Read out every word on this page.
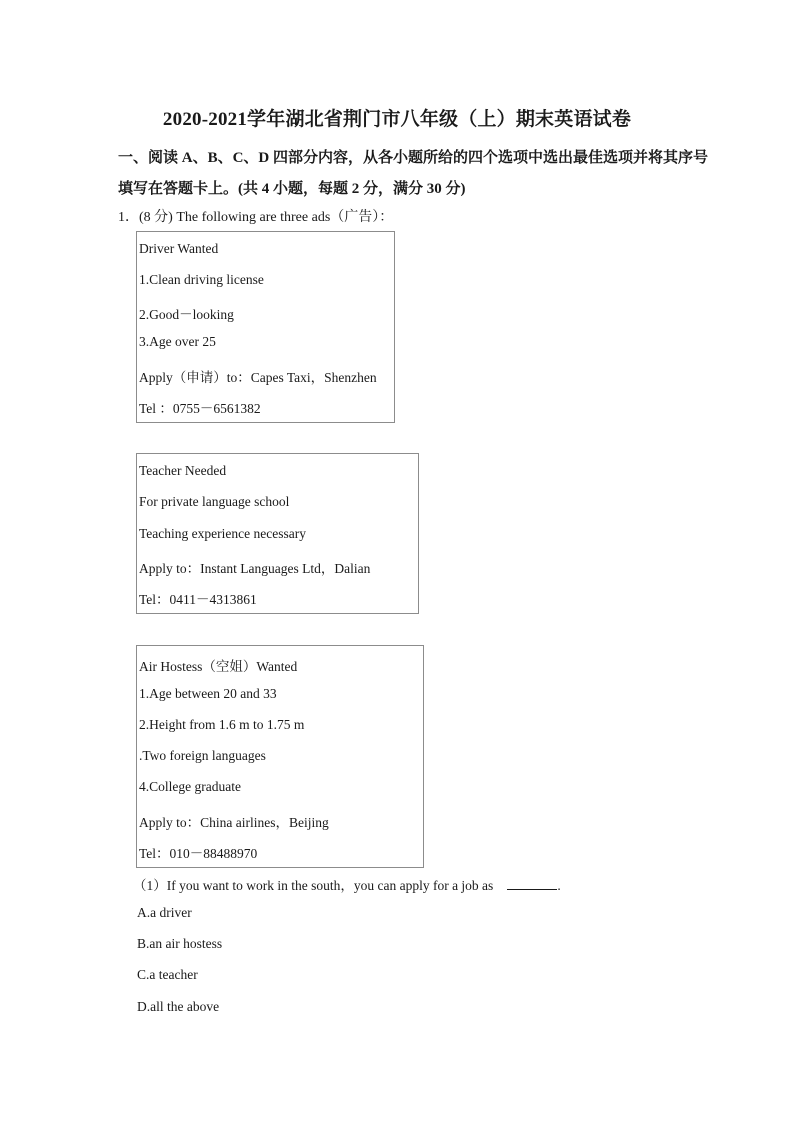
2020-2021学年湖北省荆门市八年级（上）期末英语试卷
一、阅读 A、B、C、D 四部分内容，从各小题所给的四个选项中选出最佳选项并将其序号
填写在答题卡上。(共 4 小题，每题 2 分，满分 30 分)
1．(8 分) The following are three ads（广告）：
Driver Wanted
1.Clean driving license
2.Good－looking
3.Age over 25
Apply（申请）to：Capes Taxi，Shenzhen
Tel ：0755－6561382
Teacher Needed
For private language school
Teaching experience necessary
Apply to：Instant Languages Ltd，Dalian
Tel：0411－4313861
Air Hostess（空姐）Wanted
1.Age between 20 and 33
2.Height from 1.6 m to 1.75 m
.Two foreign languages
4.College graduate
Apply to：China airlines，Beijing
Tel：010－88488970
（1）If you want to work in the south，you can apply for a job as	.
A.a driver
B.an air hostess
C.a teacher
D.all the above
